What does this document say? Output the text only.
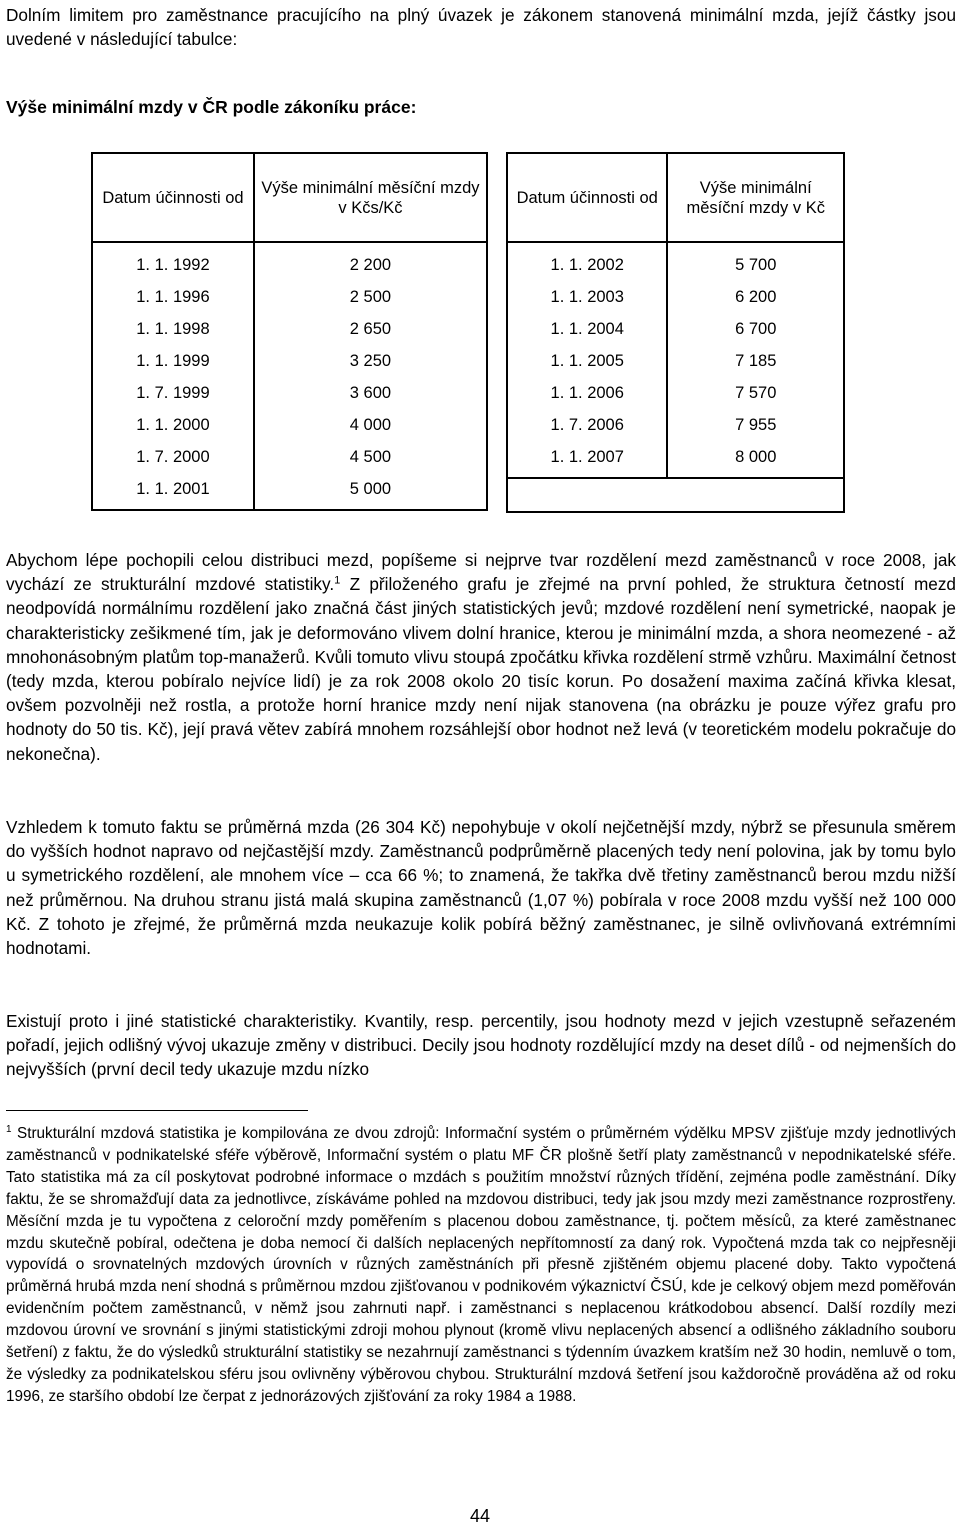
Dolním limitem pro zaměstnance pracujícího na plný úvazek je zákonem stanovená minimální mzda, jejíž částky jsou uvedené v následující tabulce:

Výše minimální mzdy v ČR podle zákoníku práce:

Datum účinnosti od	Výše minimální měsíční mzdy v Kčs/Kč
1. 1. 1992	2 200
1. 1. 1996	2 500
1. 1. 1998	2 650
1. 1. 1999	3 250
1. 7. 1999	3 600
1. 1. 2000	4 000
1. 7. 2000	4 500
1. 1. 2001	5 000
Datum účinnosti od	Výše minimální měsíční mzdy v Kč
1. 1. 2002	5 700
1. 1. 2003	6 200
1. 1. 2004	6 700
1. 1. 2005	7 185
1. 1. 2006	7 570
1. 7. 2006	7 955
1. 1. 2007	8 000

Abychom lépe pochopili celou distribuci mezd, popíšeme si nejprve tvar rozdělení mezd zaměstnanců v roce 2008, jak vychází ze strukturální mzdové statistiky.$^1$ Z přiloženého grafu je zřejmé na první pohled, že struktura četností mezd neodpovídá normálnímu rozdělení jako značná část jiných statistických jevů; mzdové rozdělení není symetrické, naopak je charakteristicky zešikmené tím, jak je deformováno vlivem dolní hranice, kterou je minimální mzda, a shora neomezené - až mnohonásobným platům top-manažerů. Kvůli tomuto vlivu stoupá zpočátku křivka rozdělení strmě vzhůru. Maximální četnost (tedy mzda, kterou pobíralo nejvíce lidí) je za rok 2008 okolo 20 tisíc korun. Po dosažení maxima začíná křivka klesat, ovšem pozvolněji než rostla, a protože horní hranice mzdy není nijak stanovena (na obrázku je pouze výřez grafu pro hodnoty do 50 tis. Kč), její pravá větev zabírá mnohem rozsáhlejší obor hodnot než levá (v teoretickém modelu pokračuje do nekonečna).

Vzhledem k tomuto faktu se průměrná mzda (26 304 Kč) nepohybuje v okolí nejčetnější mzdy, nýbrž se přesunula směrem do vyšších hodnot napravo od nejčastější mzdy. Zaměstnanců podprůměrně placených tedy není polovina, jak by tomu bylo u symetrického rozdělení, ale mnohem více – cca 66 %; to znamená, že takřka dvě třetiny zaměstnanců berou mzdu nižší než průměrnou. Na druhou stranu jistá malá skupina zaměstnanců (1,07 %) pobírala v roce 2008 mzdu vyšší než 100 000 Kč. Z tohoto je zřejmé, že průměrná mzda neukazuje kolik pobírá běžný zaměstnanec, je silně ovlivňovaná extrémními hodnotami.

Existují proto i jiné statistické charakteristiky. Kvantily, resp. percentily, jsou hodnoty mezd v jejich vzestupně seřazeném pořadí, jejich odlišný vývoj ukazuje změny v distribuci. Decily jsou hodnoty rozdělující mzdy na deset dílů - od nejmenších do nejvyšších (první decil tedy ukazuje mzdu nízko

$^1$ Strukturální mzdová statistika je kompilována ze dvou zdrojů: Informační systém o průměrném výdělku MPSV zjišťuje mzdy jednotlivých zaměstnanců v podnikatelské sféře výběrově, Informační systém o platu MF ČR plošně šetří platy zaměstnanců v nepodnikatelské sféře. Tato statistika má za cíl poskytovat podrobné informace o mzdách s použitím množství různých třídění, zejména podle zaměstnání. Díky faktu, že se shromažďují data za jednotlivce, získáváme pohled na mzdovou distribuci, tedy jak jsou mzdy mezi zaměstnance rozprostřeny. Měsíční mzda je tu vypočtena z celoroční mzdy poměřením s placenou dobou zaměstnance, tj. počtem měsíců, za které zaměstnanec mzdu skutečně pobíral, odečtena je doba nemocí či dalších neplacených nepřítomností za daný rok. Vypočtená mzda tak co nejpřesněji vypovídá o srovnatelných mzdových úrovních v různých zaměstnáních při přesně zjištěném objemu placené doby. Takto vypočtená průměrná hrubá mzda není shodná s průměrnou mzdou zjišťovanou v podnikovém výkaznictví ČSÚ, kde je celkový objem mezd poměřován evidenčním počtem zaměstnanců, v němž jsou zahrnuti např. i zaměstnanci s neplacenou krátkodobou absencí. Další rozdíly mezi mzdovou úrovní ve srovnání s jinými statistickými zdroji mohou plynout (kromě vlivu neplacených absencí a odlišného základního souboru šetření) z faktu, že do výsledků strukturální statistiky se nezahrnují zaměstnanci s týdenním úvazkem kratším než 30 hodin, nemluvě o tom, že výsledky za podnikatelskou sféru jsou ovlivněny výběrovou chybou. Strukturální mzdová šetření jsou každoročně prováděna až od roku 1996, ze staršího období lze čerpat z jednorázových zjišťování za roky 1984 a 1988.

44
